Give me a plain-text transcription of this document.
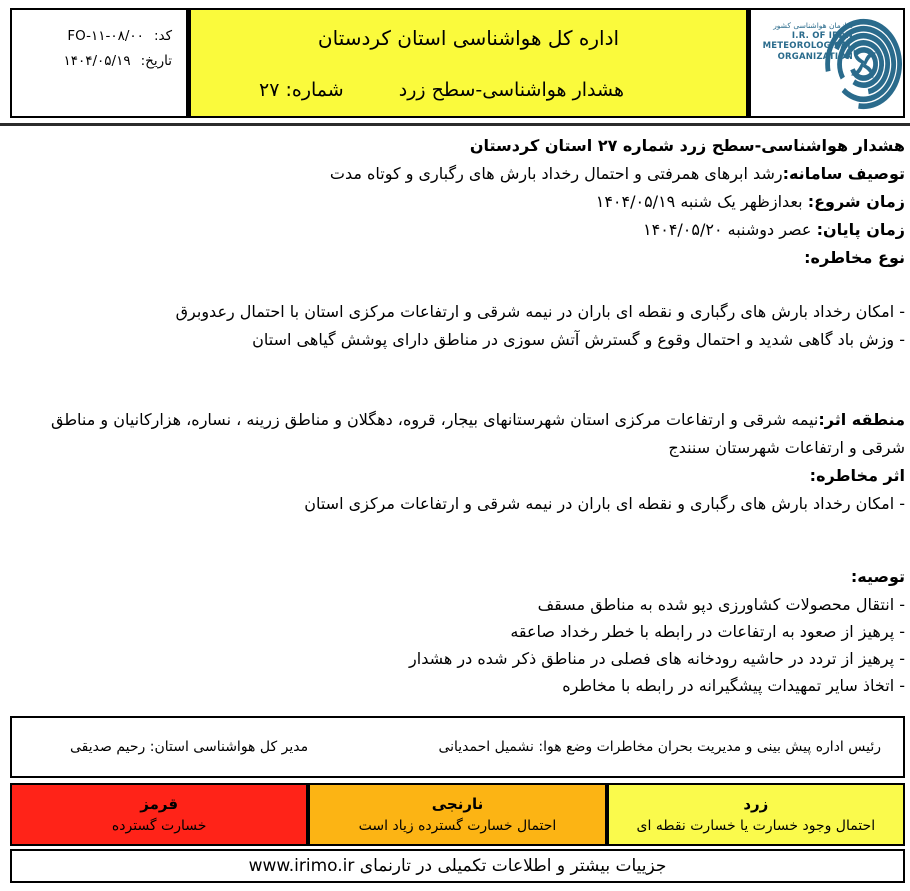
کد:
FO-۱۱-۰۸/۰۰
تاریخ:
۱۴۰۴/۰۵/۱۹
اداره کل هواشناسی استان کردستان
هشدار هواشناسی-سطح زرد
شماره: ۲۷
سازمان هواشناسی کشور
I.R. OF IRAN
METEOROLOGICAL
ORGANIZATION

هشدار هواشناسی-سطح زرد شماره ۲۷ استان کردستان

توصیف سامانه:رشد ابرهای همرفتی و احتمال رخداد بارش های رگباری و کوتاه مدت

زمان شروع: بعدازظهر یک شنبه ۱۴۰۴/۰۵/۱۹

زمان پایان: عصر دوشنبه ۱۴۰۴/۰۵/۲۰

نوع مخاطره:

- امکان رخداد بارش های رگباری و نقطه ای باران در نیمه شرقی و ارتفاعات مرکزی استان با احتمال رعدوبرق

- وزش باد گاهی شدید و احتمال وقوع و گسترش آتش سوزی در مناطق دارای پوشش گیاهی استان

منطقه اثر:نیمه شرقی و ارتفاعات مرکزی استان شهرستانهای بیجار، قروه، دهگلان و مناطق زرینه ، نساره، هزارکانیان و مناطق شرقی و ارتفاعات شهرستان سنندج

اثر مخاطره:

- امکان رخداد بارش های رگباری و نقطه ای باران در نیمه شرقی و ارتفاعات مرکزی استان

توصیه:

- انتقال محصولات کشاورزی دپو شده به مناطق مسقف

- پرهیز از صعود به ارتفاعات در رابطه با خطر رخداد صاعقه

- پرهیز از تردد در حاشیه رودخانه های فصلی در مناطق ذکر شده در هشدار

- اتخاذ سایر تمهیدات پیشگیرانه در رابطه با مخاطره

رئیس اداره پیش بینی و مدیریت بحران مخاطرات وضع هوا: نشمیل احمدیانی
مدیر کل هواشناسی استان: رحیم صدیقی
قرمز
خسارت گسترده
نارنجی
احتمال خسارت گسترده زیاد است
زرد
احتمال وجود خسارت یا خسارت نقطه ای
جزییات بیشتر و اطلاعات تکمیلی در تارنمای www.irimo.ir
